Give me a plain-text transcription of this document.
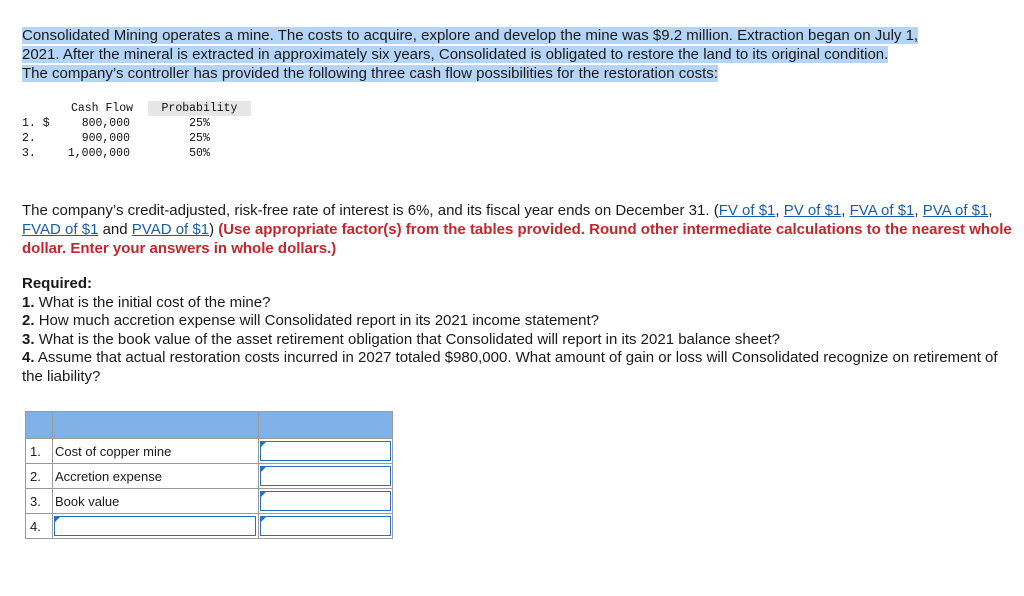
Consolidated Mining operates a mine. The costs to acquire, explore and develop the mine was $9.2 million. Extraction began on July 1,
2021. After the mineral is extracted in approximately six years, Consolidated is obligated to restore the land to its original condition.
The company’s controller has provided the following three cash flow possibilities for the restoration costs:
	Cash Flow	Probability
1. $	800,000	25%
2.	900,000	25%
3.	1,000,000	50%
The company’s credit-adjusted, risk-free rate of interest is 6%, and its fiscal year ends on December 31. (FV of $1, PV of $1, FVA of $1, PVA of $1, FVAD of $1 and PVAD of $1) (Use appropriate factor(s) from the tables provided. Round other intermediate calculations to the nearest whole dollar. Enter your answers in whole dollars.)
Required:
1. What is the initial cost of the mine?
2. How much accretion expense will Consolidated report in its 2021 income statement?
3. What is the book value of the asset retirement obligation that Consolidated will report in its 2021 balance sheet?
4. Assume that actual restoration costs incurred in 2027 totaled $980,000. What amount of gain or loss will Consolidated recognize on retirement of the liability?

1.	Cost of copper mine	

2.	Accretion expense	

3.	Book value	

4.	
